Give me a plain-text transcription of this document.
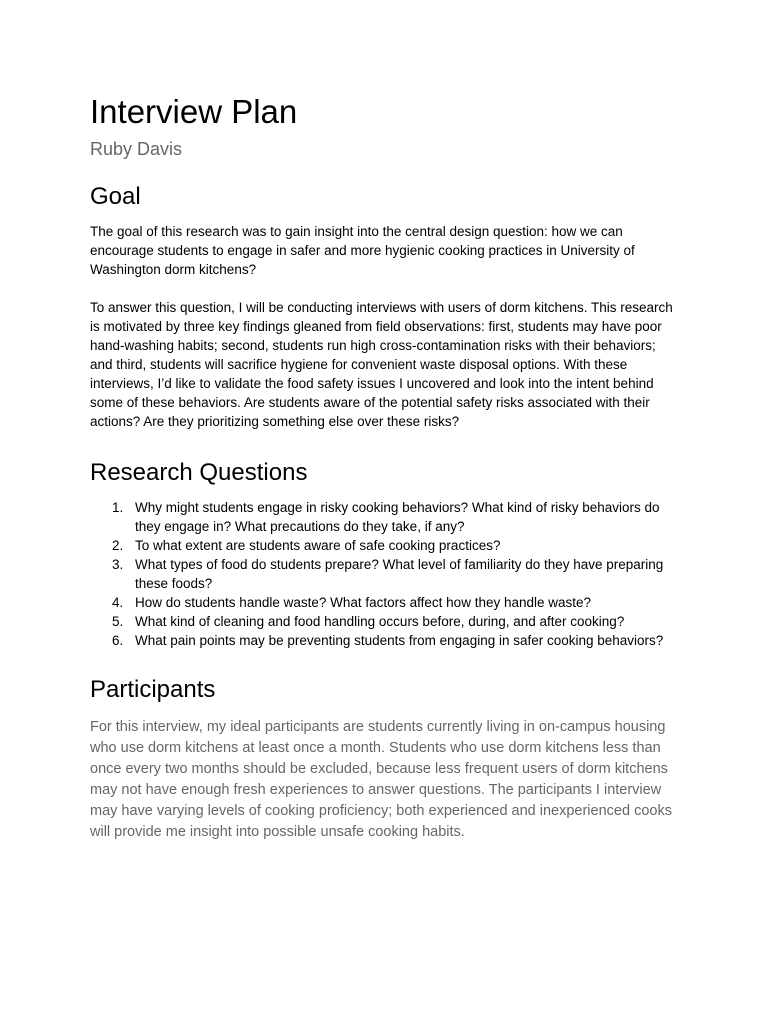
Interview Plan
Ruby Davis
Goal

The goal of this research was to gain insight into the central design question: how we can encourage students to engage in safer and more hygienic cooking practices in University of Washington dorm kitchens?

To answer this question, I will be conducting interviews with users of dorm kitchens. This research is motivated by three key findings gleaned from field observations: first, students may have poor hand-washing habits; second, students run high cross-contamination risks with their behaviors; and third, students will sacrifice hygiene for convenient waste disposal options. With these interviews, I’d like to validate the food safety issues I uncovered and look into the intent behind some of these behaviors. Are students aware of the potential safety risks associated with their actions? Are they prioritizing something else over these risks?

Research Questions
1. Why might students engage in risky cooking behaviors? What kind of risky behaviors do they engage in? What precautions do they take, if any?
2. To what extent are students aware of safe cooking practices?
3. What types of food do students prepare? What level of familiarity do they have preparing these foods?
4. How do students handle waste? What factors affect how they handle waste?
5. What kind of cleaning and food handling occurs before, during, and after cooking?
6. What pain points may be preventing students from engaging in safer cooking behaviors?
Participants

For this interview, my ideal participants are students currently living in on-campus housing who use dorm kitchens at least once a month. Students who use dorm kitchens less than once every two months should be excluded, because less frequent users of dorm kitchens may not have enough fresh experiences to answer questions. The participants I interview may have varying levels of cooking proficiency; both experienced and inexperienced cooks will provide me insight into possible unsafe cooking habits.
